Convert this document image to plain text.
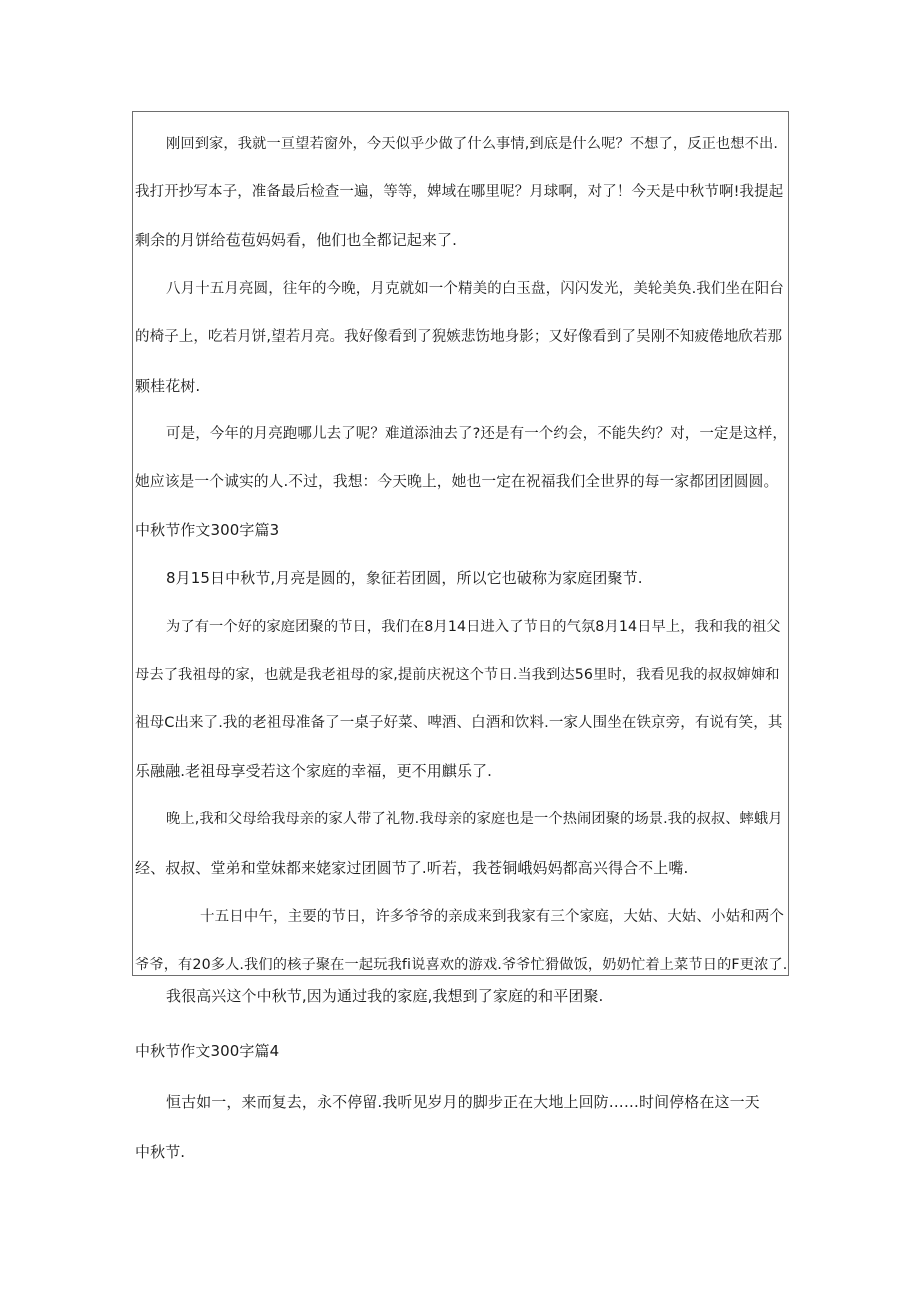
刚回到家，我就一亘望若窗外，今天似乎少做了什么事情,到底是什么呢？不想了，反正也想不出.
我打开抄写本子，准备最后检查一遍，等等，婢域在哪里呢？月球啊，对了！今天是中秋节啊!我提起
剩余的月饼给苞苞妈妈看，他们也全都记起来了.
八月十五月亮圆，往年的今晚，月克就如一个精美的白玉盘，闪闪发光，美轮美奂.我们坐在阳台
的椅子上，吃若月饼,望若月亮。我好像看到了猊嫉悲饬地身影；又好像看到了吴刚不知疲倦地欣若那
颗桂花树.
可是，今年的月亮跑哪儿去了呢？难道添油去了?还是有一个约会，不能失约？对，一定是这样，
她应该是一个诚实的人.不过，我想：今天晚上，她也一定在祝福我们全世界的每一家都团团圆圆。
中秋节作文300字篇3
8月15日中秋节,月亮是圆的，象征若团圆，所以它也破称为家庭团聚节.
为了有一个好的家庭团聚的节日，我们在8月14日进入了节日的气氛8月14日早上，我和我的祖父
母去了我祖母的家，也就是我老祖母的家,提前庆祝这个节日.当我到达56里时，我看见我的叔叔婶婶和
祖母C出来了.我的老祖母准备了一桌子好菜、啤酒、白酒和饮料.一家人围坐在铁京旁，有说有笑，其
乐融融.老祖母享受若这个家庭的幸福，更不用麒乐了.
晚上,我和父母给我母亲的家人带了礼物.我母亲的家庭也是一个热闹团聚的场景.我的叔叔、蟀蛾月
经、叔叔、堂弟和堂妹都来姥家过团圆节了.听若，我苍铜峨妈妈都高兴得合不上嘴.
十五日中午，主要的节日，许多爷爷的亲成来到我家有三个家庭，大姑、大姑、小姑和两个
爷爷，有20多人.我们的核子聚在一起玩我fi说喜欢的游戏.爷爷忙猾做饭，奶奶忙着上菜节日的F更浓了.
我很高兴这个中秋节,因为通过我的家庭,我想到了家庭的和平团聚.
中秋节作文300字篇4
恒古如一，来而复去，永不停留.我听见岁月的脚步正在大地上回防……时间停格在这一天
中秋节.
